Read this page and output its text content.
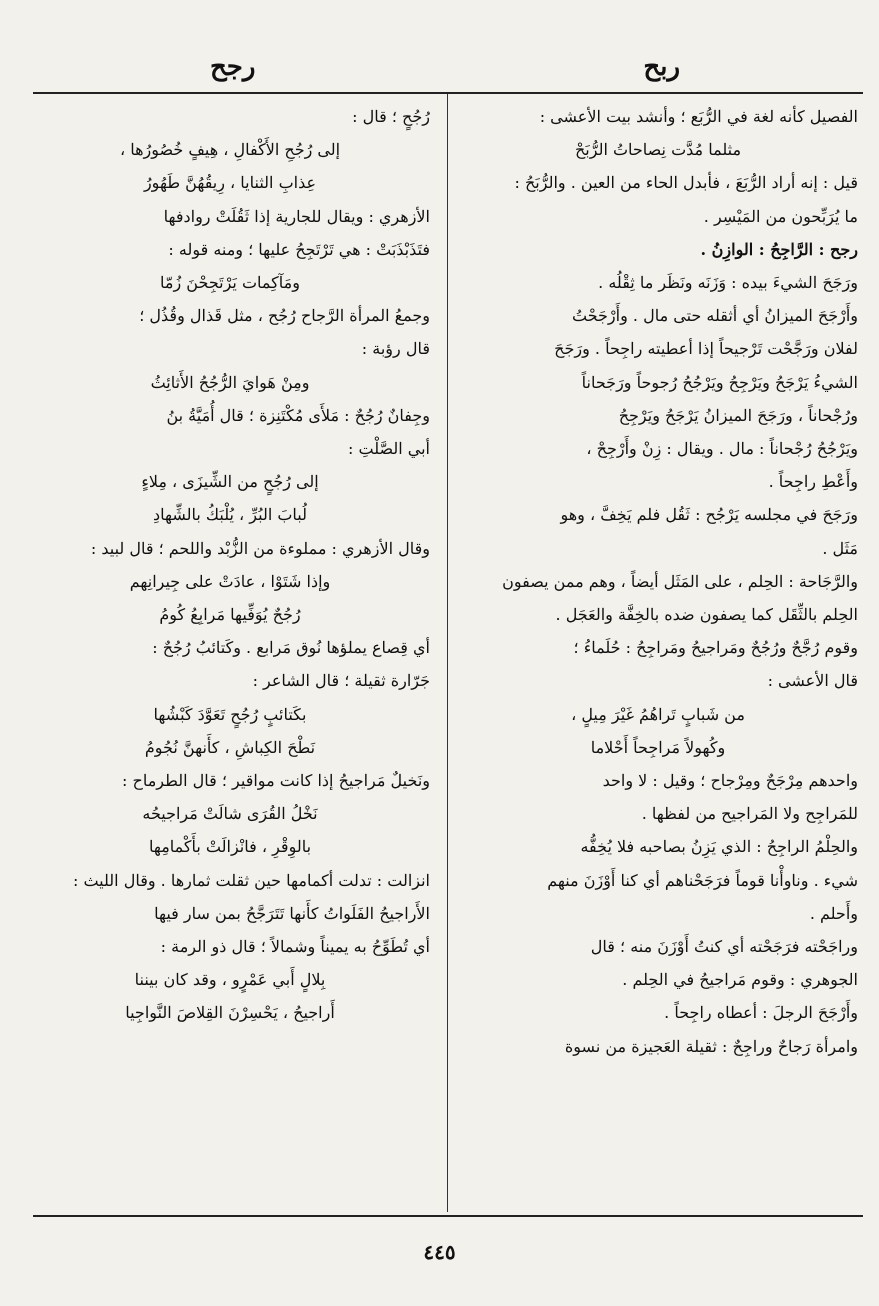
ربح
رجح

الفصيل كأنه لغة في الرُّبَع ؛ وأنشد بيت الأعشى :

مثلما مُدَّت نِصاحاتُ الرُّبَحْ

قيل : إنه أراد الرُّبَعَ ، فأبدل الحاء من العين . والرُّبَحُ :

ما يُرَبِّحون من المَيْسِر .

رجح : الرَّاجِحُ : الوازِنُ .

ورَجَحَ الشيءَ بيده : وَزَنَه ونَظَر ما ثِقْلُه .

وأَرْجَحَ الميزانُ أي أثقله حتى مال . وأَرْجَحْتُ

لفلان ورَجَّحْت تَرْجيحاً إذا أعطيته راجِحاً . ورَجَحَ

الشيءُ يَرْجَحُ ويَرْجِحُ ويَرْجُحُ رُجوحاً ورَجَحاناً

ورُجْحاناً ، ورَجَحَ الميزانُ يَرْجَحُ ويَرْجِحُ

ويَرْجُحُ رُجْحاناً : مال . ويقال : زِنْ وأَرْجِحْ ،

وأَعْطِ راجِحاً .

ورَجَحَ في مجلسه يَرْجُح : ثَقُل فلم يَخِفَّ ، وهو

مَثَل .

والرَّجَاحة : الحِلم ، على المَثَل أيضاً ، وهم ممن يصفون

الحِلم بالثِّقَل كما يصفون ضده بالخِفَّة والعَجَل .

وقوم رُجَّحٌ ورُجُحٌ ومَراجيحُ ومَراجِحُ : حُلَماءُ ؛

قال الأعشى :

من شَبابٍ تَراهُمُ غَيْرَ مِيلٍ ،

وكُهولاً مَراجِحاً أَحْلاما

واحدهم مِرْجَحٌ ومِرْجاح ؛ وقيل : لا واحد

للمَراجِح ولا المَراجيح من لفظها .

والحِلْمُ الراجِحُ : الذي يَزِنُ بصاحبه فلا يُخِفُّه

شيء . وناوأْنا قوماً فرَجَحْناهم أي كنا أَوْزَنَ منهم

وأَحلم .

وراجَحْته فرَجَحْته أي كنتُ أَوْزَنَ منه ؛ قال

الجوهري : وقوم مَراجيحُ في الحِلم .

وأَرْجَحَ الرجلَ : أعطاه راجِحاً .

وامرأة رَجاحٌ وراجِحٌ : ثقيلة العَجيزة من نسوة

رُجُحٍ ؛ قال :

إلى رُجُحِ الأَكْفالِ ، هِيفٍ خُصُورُها ،

عِذابِ الثنايا ، رِيقُهُنَّ طَهُورُ

الأزهري : ويقال للجارية إذا ثَقُلَتْ روادفها

فتَذَبْذَبَتْ : هي تَرْتَجِحُ عليها ؛ ومنه قوله :

ومَآكِمات يَرْتَجِحْنَ زُمّا

وجمعُ المرأة الرَّجاح رُجُح ، مثل قَذال وقُذُل ؛

قال رؤبة :

ومِنْ هَوايَ الرُّجُحُ الأَثائِثُ

وجِفانٌ رُجُحٌ : مَلأَى مُكْتَنِزة ؛ قال أُمَيَّةُ بنُ

أبي الصَّلْتِ :

إلى رُجُحٍ من الشِّيزَى ، مِلاءٍ

لُبابَ البُرِّ ، يُلْبَكُ بالشِّهادِ

وقال الأزهري : مملوءة من الزُّبْد واللحم ؛ قال لبيد :

وإذا شَتَوْا ، عادَتْ على جِيرانِهم

رُجُحٌ يُوَفِّيها مَرابِعُ كُومُ

أي قِصاع يملؤها نُوق مَرابع . وكَتائبُ رُجُحٌ :

جَرّارة ثقيلة ؛ قال الشاعر :

بكَتائبٍ رُجُحٍ تَعَوَّدَ كَبْشُها

نَطْحَ الكِباشِ ، كأَنهنَّ نُجُومُ

ونَخيلٌ مَراجيحُ إذا كانت مواقير ؛ قال الطرماح :

نَخْلُ القُرَى شالَتْ مَراجيحُه

بالوِقْرِ ، فانْزالَتْ بأَكْمامِها

انزالت : تدلت أكمامها حين ثقلت ثمارها . وقال الليث :

الأَراجيحُ الفَلَواتُ كأَنها تَتَرَجَّحُ بمن سار فيها

أي تُطَوِّحُ به يميناً وشمالاً ؛ قال ذو الرمة :

بِلالٍ أَبي عَمْرٍو ، وقد كان بيننا

أَراجيحُ ، يَحْسِرْنَ القِلاصَ النَّواجِيا

٤٤٥
